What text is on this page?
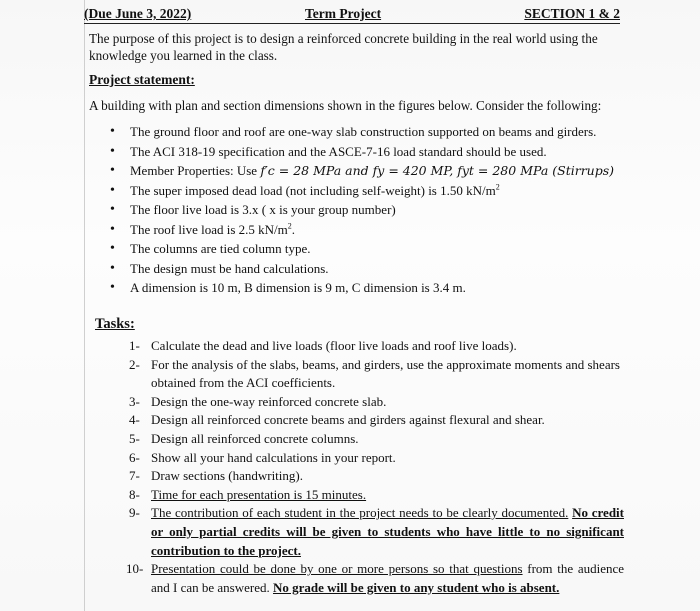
(Due June 3, 2022)	Term Project	SECTION 1 & 2
The purpose of this project is to design a reinforced concrete building in the real world using the knowledge you learned in the class.
Project statement:
A building with plan and section dimensions shown in the figures below. Consider the following:
• The ground floor and roof are one-way slab construction supported on beams and girders.
• The ACI 318-19 specification and the ASCE-7-16 load standard should be used.
• Member Properties: Use f′c = 28 MPa and fy = 420 MP, fyt = 280 MPa (Stirrups)
• The super imposed dead load (not including self-weight) is 1.50 $kN/m^2$
• The floor live load is 3.x ( x is your group number)
• The roof live load is 2.5 $kN/m^2$.
• The columns are tied column type.
• The design must be hand calculations.
• A dimension is 10 m, B dimension is 9 m, C dimension is 3.4 m.
Tasks:
1- Calculate the dead and live loads (floor live loads and roof live loads).
2- For the analysis of the slabs, beams, and girders, use the approximate moments and shears obtained from the ACI coefficients.
3- Design the one-way reinforced concrete slab.
4- Design all reinforced concrete beams and girders against flexural and shear.
5- Design all reinforced concrete columns.
6- Show all your hand calculations in your report.
7- Draw sections (handwriting).
8- Time for each presentation is 15 minutes.
9- The contribution of each student in the project needs to be clearly documented. No credit or only partial credits will be given to students who have little to no significant contribution to the project.
10- Presentation could be done by one or more persons so that questions from the audience and I can be answered. No grade will be given to any student who is absent.
